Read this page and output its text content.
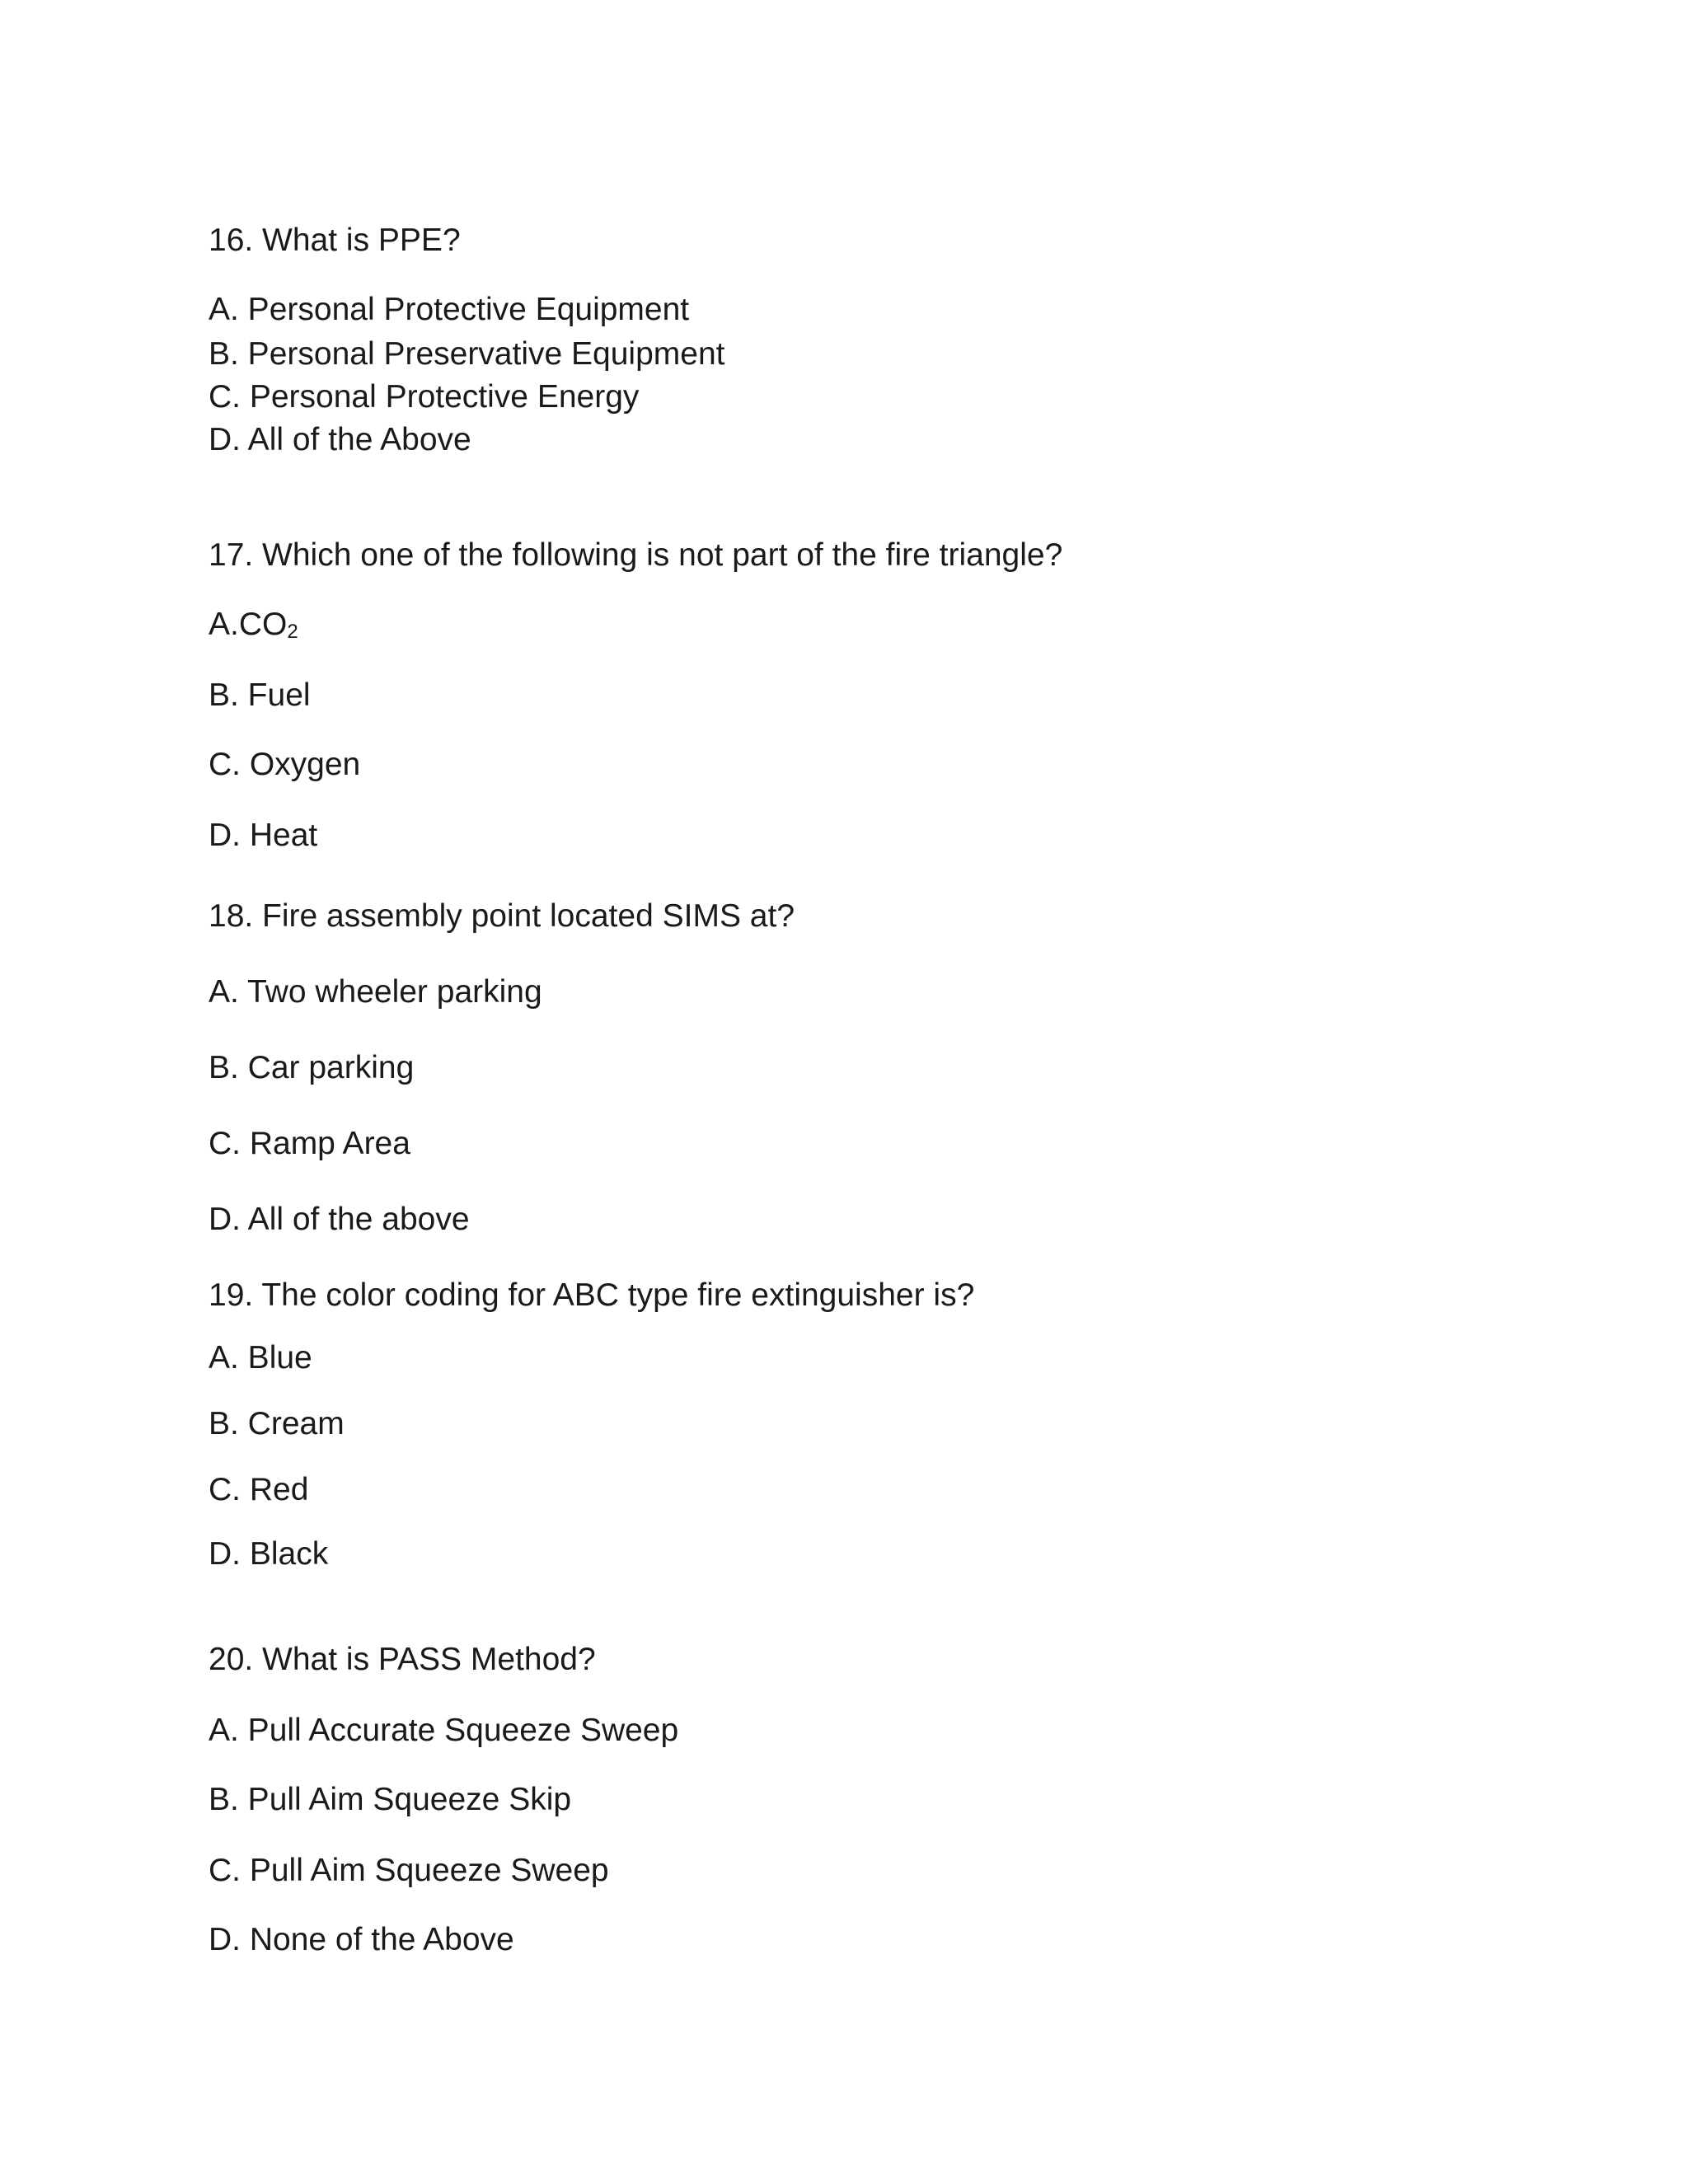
16. What is PPE?
A. Personal Protective Equipment
B. Personal Preservative Equipment
C. Personal Protective Energy
D. All of the Above
17. Which one of the following is not part of the fire triangle?
A.CO2
B. Fuel
C. Oxygen
D. Heat
18. Fire assembly point located SIMS at?
A. Two wheeler parking
B. Car parking
C. Ramp Area
D. All of the above
19. The color coding for ABC type fire extinguisher is?
A. Blue
B. Cream
C. Red
D. Black
20. What is PASS Method?
A. Pull Accurate Squeeze Sweep
B. Pull Aim Squeeze Skip
C. Pull Aim Squeeze Sweep
D. None of the Above
